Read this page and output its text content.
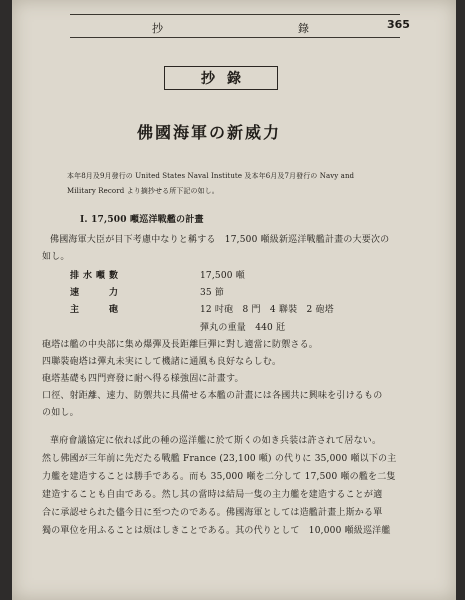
抄	錄	365
抄錄
佛國海軍の新威力
本年8月及9月發行の United States Naval Institute 及本年6月及7月發行の Navy and
Military Record より摘抄せる所下記の如し。
I. 17,500 噸巡洋戰艦の計畫
佛國海軍大臣が目下考慮中なりと稱する　17,500 噸級新巡洋戰艦計畫の大要次の
如し。
排水噸數	17,500 噸
速　　力	35 節
主　　砲	12 吋砲　8 門　4 聯裝　2 砲塔
彈丸の重量　440 瓩
砲塔は艦の中央部に集め爆彈及長距離巨彈に對し適當に防禦さる。
四聯裝砲塔は彈丸未実にして機諸に通風も良好ならしむ。
砲塔基礎も四門齊發に耐へ得る様強固に計畫す。
口徑、射距離、速力、防禦共に具備せる本艦の計畫には各國共に興味を引けるもの
の如し。
華府會議協定に依れば此の種の巡洋艦に於て斯くの如き兵装は許されて居ない。
然し佛國が三年前に先だたる戰艦 France (23,100 噸) の代りに 35,000 噸以下の主
力艦を建造することは勝手である。而も 35,000 噸を二分して 17,500 噸の艦を二隻
建造することも自由である。然し其の當時は結局一隻の主力艦を建造することが適
合に承認せられた儘今日に至つたのである。佛國海軍としては造艦計畫上斯かる單
獨の單位を用ふることは煩はしきことである。其の代りとして　10,000 噸級巡洋艦
